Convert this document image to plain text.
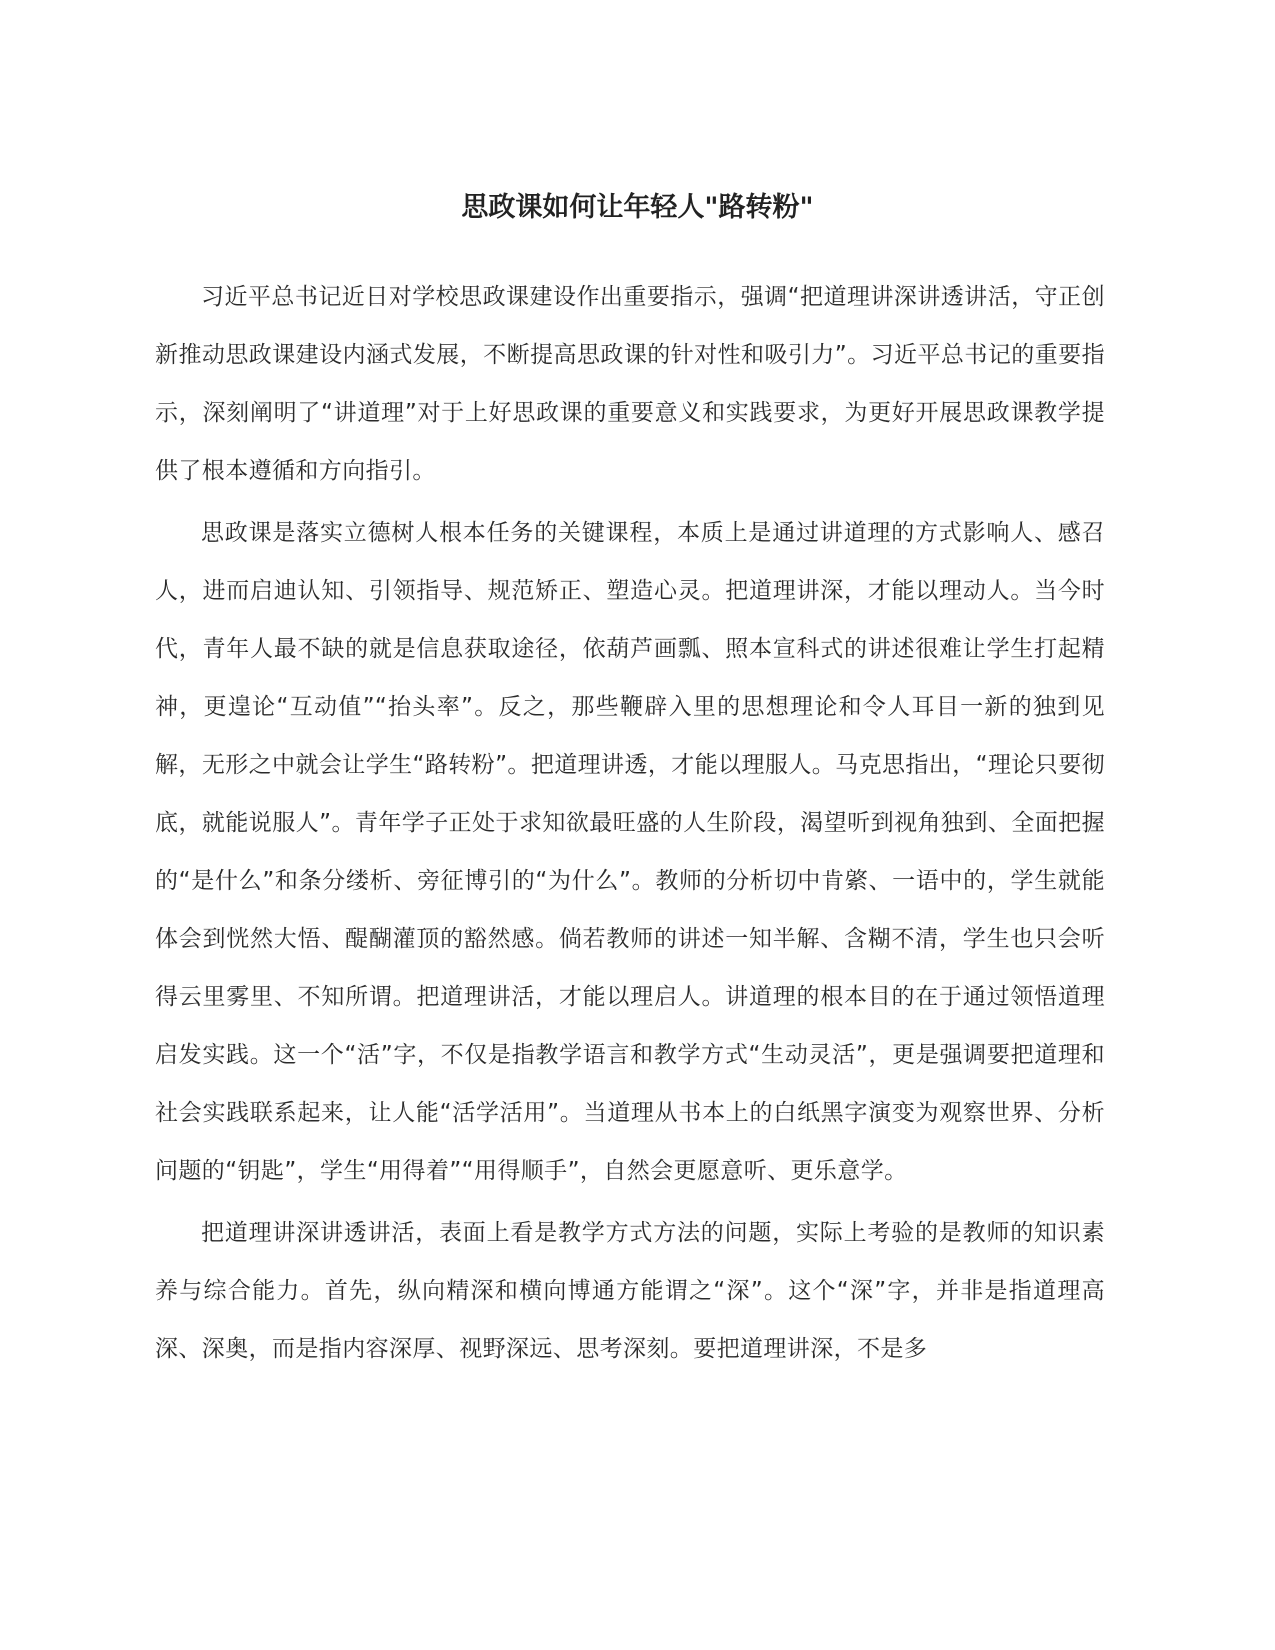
思政课如何让年轻人"路转粉"

习近平总书记近日对学校思政课建设作出重要指示，强调“把道理讲深讲透讲活，守正创新推动思政课建设内涵式发展，不断提高思政课的针对性和吸引力”。习近平总书记的重要指示，深刻阐明了“讲道理”对于上好思政课的重要意义和实践要求，为更好开展思政课教学提供了根本遵循和方向指引。

思政课是落实立德树人根本任务的关键课程，本质上是通过讲道理的方式影响人、感召人，进而启迪认知、引领指导、规范矫正、塑造心灵。把道理讲深，才能以理动人。当今时代，青年人最不缺的就是信息获取途径，依葫芦画瓢、照本宣科式的讲述很难让学生打起精神，更遑论“互动值”“抬头率”。反之，那些鞭辟入里的思想理论和令人耳目一新的独到见解，无形之中就会让学生“路转粉”。把道理讲透，才能以理服人。马克思指出，“理论只要彻底，就能说服人”。青年学子正处于求知欲最旺盛的人生阶段，渴望听到视角独到、全面把握的“是什么”和条分缕析、旁征博引的“为什么”。教师的分析切中肯綮、一语中的，学生就能体会到恍然大悟、醍醐灌顶的豁然感。倘若教师的讲述一知半解、含糊不清，学生也只会听得云里雾里、不知所谓。把道理讲活，才能以理启人。讲道理的根本目的在于通过领悟道理启发实践。这一个“活”字，不仅是指教学语言和教学方式“生动灵活”，更是强调要把道理和社会实践联系起来，让人能“活学活用”。当道理从书本上的白纸黑字演变为观察世界、分析问题的“钥匙”，学生“用得着”“用得顺手”，自然会更愿意听、更乐意学。

把道理讲深讲透讲活，表面上看是教学方式方法的问题，实际上考验的是教师的知识素养与综合能力。首先，纵向精深和横向博通方能谓之“深”。这个“深”字，并非是指道理高深、深奥，而是指内容深厚、视野深远、思考深刻。要把道理讲深，不是多
